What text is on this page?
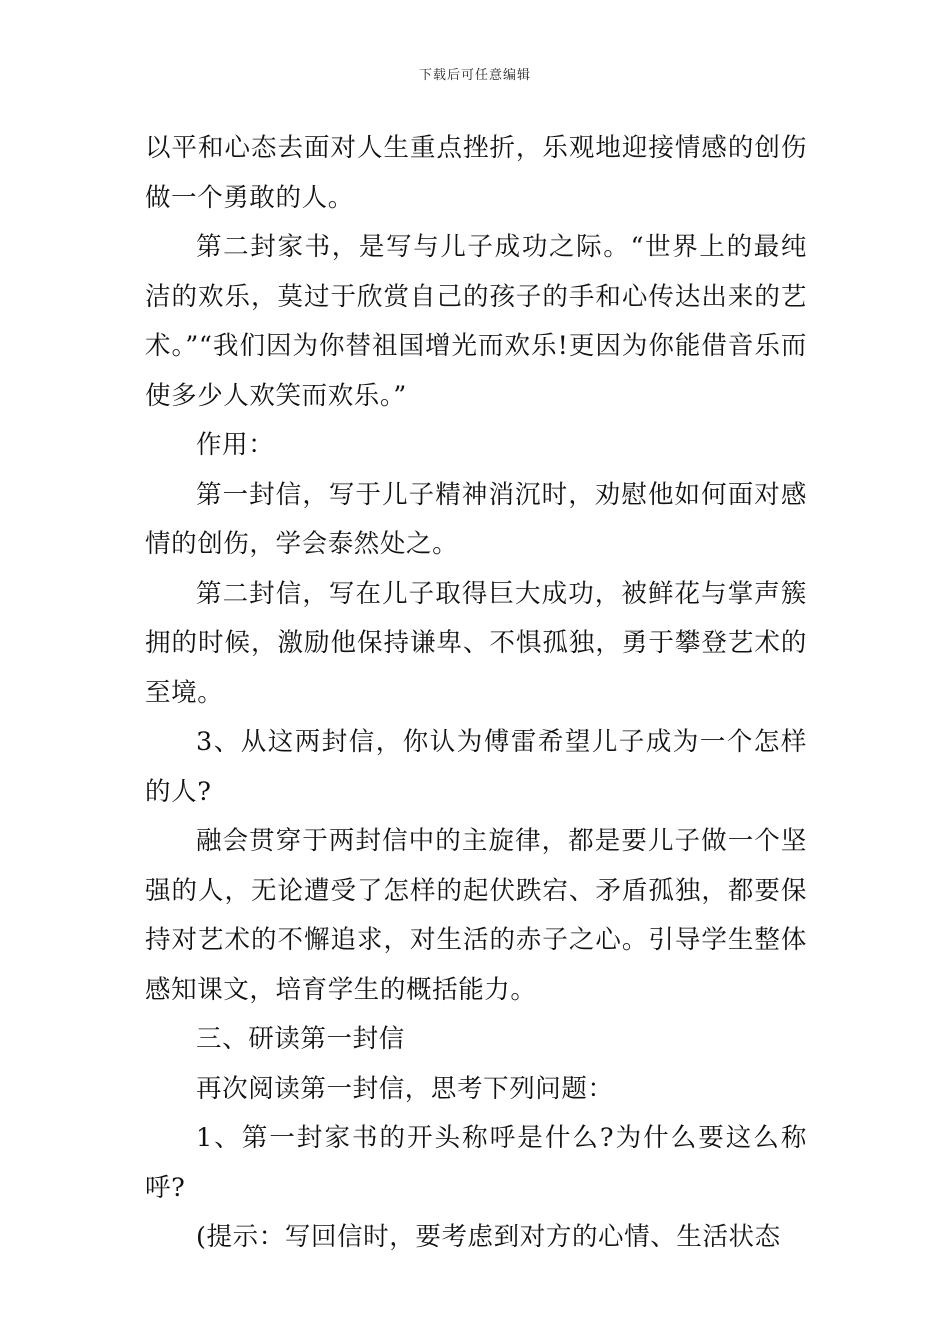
下载后可任意编辑

以平和心态去面对人生重点挫折，乐观地迎接情感的创伤做一个勇敢的人。

第二封家书，是写与儿子成功之际。“世界上的最纯洁的欢乐，莫过于欣赏自己的孩子的手和心传达出来的艺术。”“我们因为你替祖国增光而欢乐!更因为你能借音乐而使多少人欢笑而欢乐。”

作用：

第一封信，写于儿子精神消沉时，劝慰他如何面对感情的创伤，学会泰然处之。

第二封信，写在儿子取得巨大成功，被鲜花与掌声簇拥的时候，激励他保持谦卑、不惧孤独，勇于攀登艺术的至境。

3、从这两封信，你认为傅雷希望儿子成为一个怎样的人?

融会贯穿于两封信中的主旋律，都是要儿子做一个坚强的人，无论遭受了怎样的起伏跌宕、矛盾孤独，都要保持对艺术的不懈追求，对生活的赤子之心。引导学生整体感知课文，培育学生的概括能力。

三、研读第一封信

再次阅读第一封信，思考下列问题：

1、第一封家书的开头称呼是什么?为什么要这么称呼?

(提示：写回信时，要考虑到对方的心情、生活状态
